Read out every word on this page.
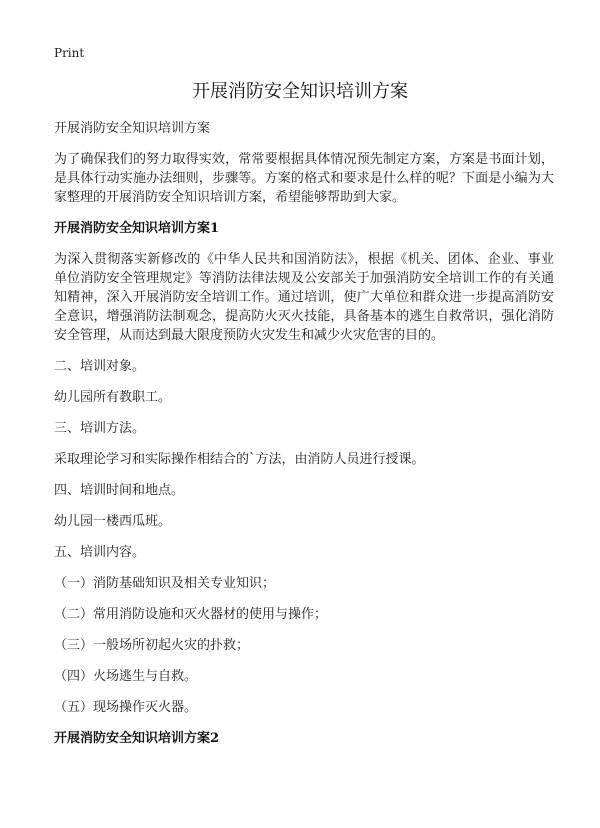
Print
开展消防安全知识培训方案

开展消防安全知识培训方案

为了确保我们的努力取得实效，常常要根据具体情况预先制定方案，方案是书面计划，是具体行动实施办法细则，步骤等。方案的格式和要求是什么样的呢？下面是小编为大家整理的开展消防安全知识培训方案，希望能够帮助到大家。

开展消防安全知识培训方案1

为深入贯彻落实新修改的《中华人民共和国消防法》，根据《机关、团体、企业、事业单位消防安全管理规定》等消防法律法规及公安部关于加强消防安全培训工作的有关通知精神，深入开展消防安全培训工作。通过培训，使广大单位和群众进一步提高消防安全意识，增强消防法制观念，提高防火灭火技能，具备基本的逃生自救常识，强化消防安全管理，从而达到最大限度预防火灾发生和减少火灾危害的目的。

二、培训对象。

幼儿园所有教职工。

三、培训方法。

采取理论学习和实际操作相结合的`方法，由消防人员进行授课。

四、培训时间和地点。

幼儿园一楼西瓜班。

五、培训内容。

（一）消防基础知识及相关专业知识；

（二）常用消防设施和灭火器材的使用与操作；

（三）一般场所初起火灾的扑救；

（四）火场逃生与自救。

（五）现场操作灭火器。

开展消防安全知识培训方案2
